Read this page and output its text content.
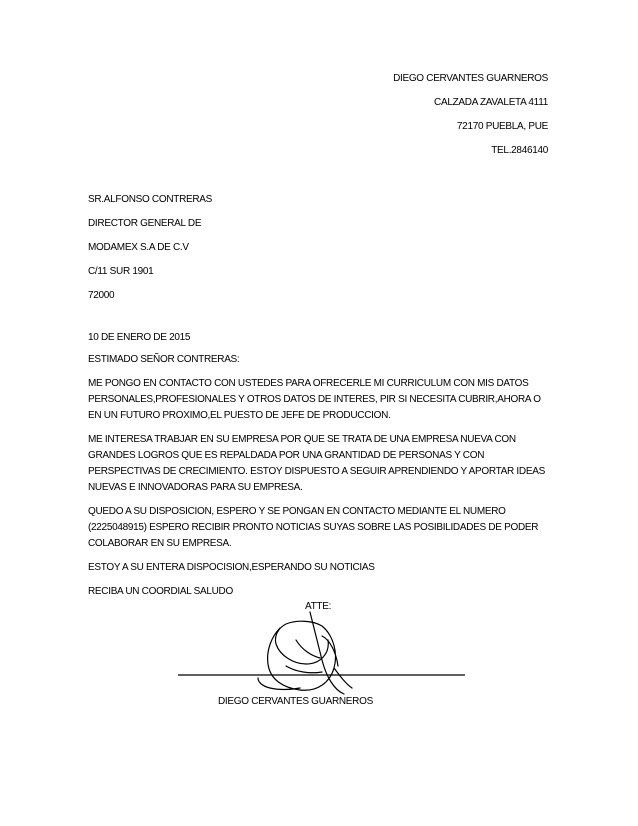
DIEGO CERVANTES GUARNEROS
CALZADA ZAVALETA 4111
72170 PUEBLA, PUE
TEL.2846140
SR.ALFONSO CONTRERAS
DIRECTOR GENERAL DE
MODAMEX S.A DE C.V
C/11 SUR 1901
72000

10 DE ENERO DE 2015

ESTIMADO SEÑOR CONTRERAS:

ME PONGO EN CONTACTO CON USTEDES PARA OFRECERLE MI CURRICULUM CON MIS DATOS PERSONALES,PROFESIONALES Y OTROS DATOS DE INTERES, PIR SI NECESITA CUBRIR,AHORA O EN UN FUTURO PROXIMO,EL PUESTO DE JEFE DE PRODUCCION.

ME INTERESA TRABJAR EN SU EMPRESA POR QUE SE TRATA DE UNA EMPRESA NUEVA CON GRANDES LOGROS QUE ES REPALDADA POR UNA GRANTIDAD DE PERSONAS Y CON PERSPECTIVAS DE CRECIMIENTO. ESTOY DISPUESTO A SEGUIR APRENDIENDO Y APORTAR IDEAS NUEVAS E INNOVADORAS PARA SU EMPRESA.

QUEDO A SU DISPOSICION, ESPERO Y SE PONGAN EN CONTACTO MEDIANTE EL NUMERO (2225048915) ESPERO RECIBIR PRONTO NOTICIAS SUYAS SOBRE LAS POSIBILIDADES DE PODER COLABORAR EN SU EMPRESA.

ESTOY A SU ENTERA DISPOCISION,ESPERANDO SU NOTICIAS

RECIBA UN COORDIAL SALUDO

ATTE:
DIEGO CERVANTES GUARNEROS
